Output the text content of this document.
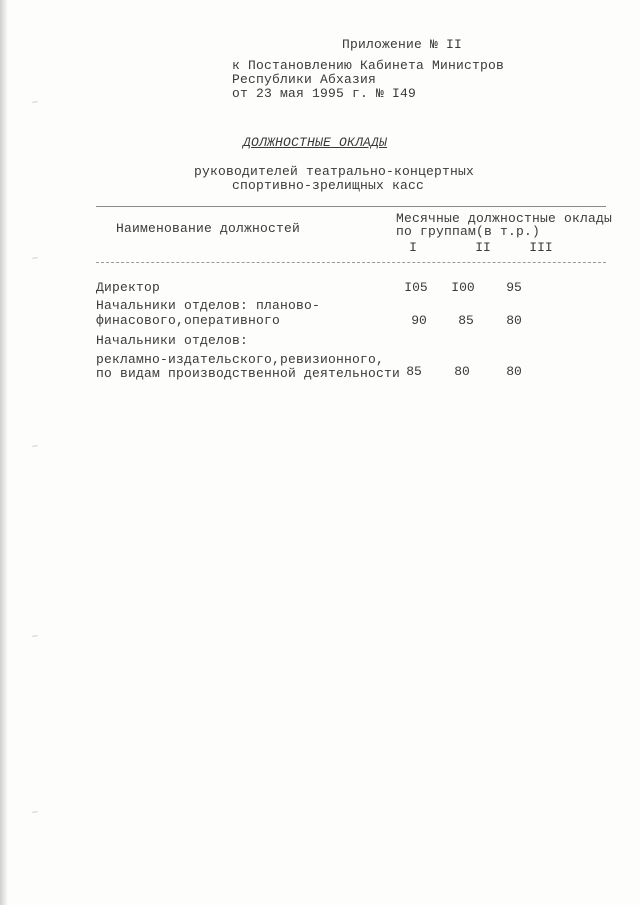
~
~
~
~
~
Приложение № II
к Постановлению Кабинета Министров
Республики Абхазия
от 23 мая 1995 г. № I49
ДОЛЖНОСТНЫЕ ОКЛАДЫ
руководителей театрально-концертных
спортивно-зрелищных касс
Наименование должностей
Месячные должностные оклады
по группам(в т.р.)
I	II	III
Директор	I05	I00	95
Начальники отделов: планово-
финасового,оперативного	90	85	80
Начальники отделов:
рекламно-издательского,ревизионного,
по видам производственной деятельности 85	80	80
